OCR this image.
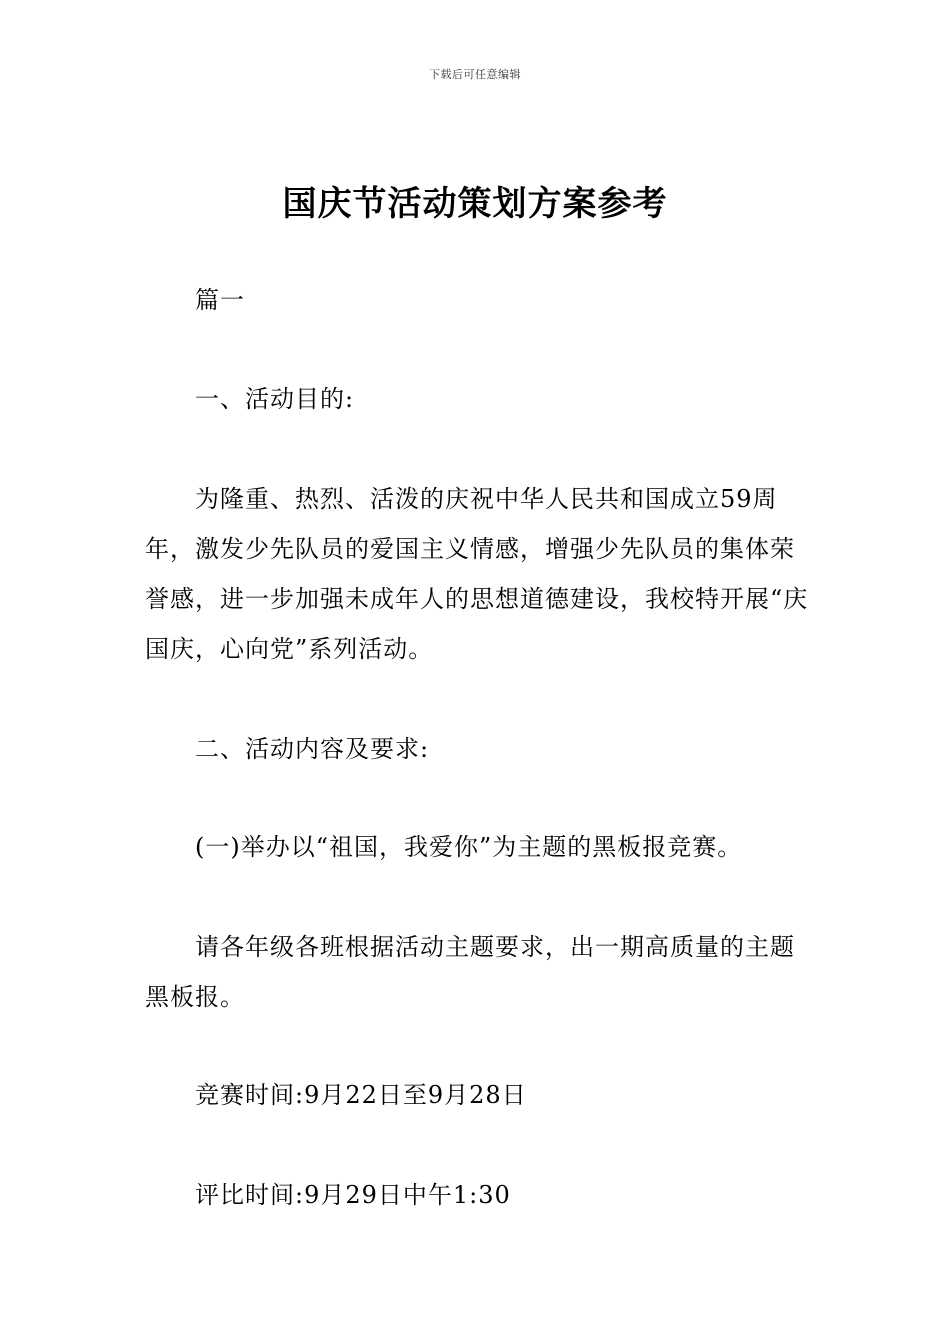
下载后可任意编辑
国庆节活动策划方案参考

篇一

一、活动目的:

为隆重、热烈、活泼的庆祝中华人民共和国成立59周年，激发少先队员的爱国主义情感，增强少先队员的集体荣誉感，进一步加强未成年人的思想道德建设，我校特开展“庆国庆，心向党”系列活动。

二、活动内容及要求:

(一)举办以“祖国，我爱你”为主题的黑板报竞赛。

请各年级各班根据活动主题要求，出一期高质量的主题黑板报。

竞赛时间:9月22日至9月28日

评比时间:9月29日中午1:30
